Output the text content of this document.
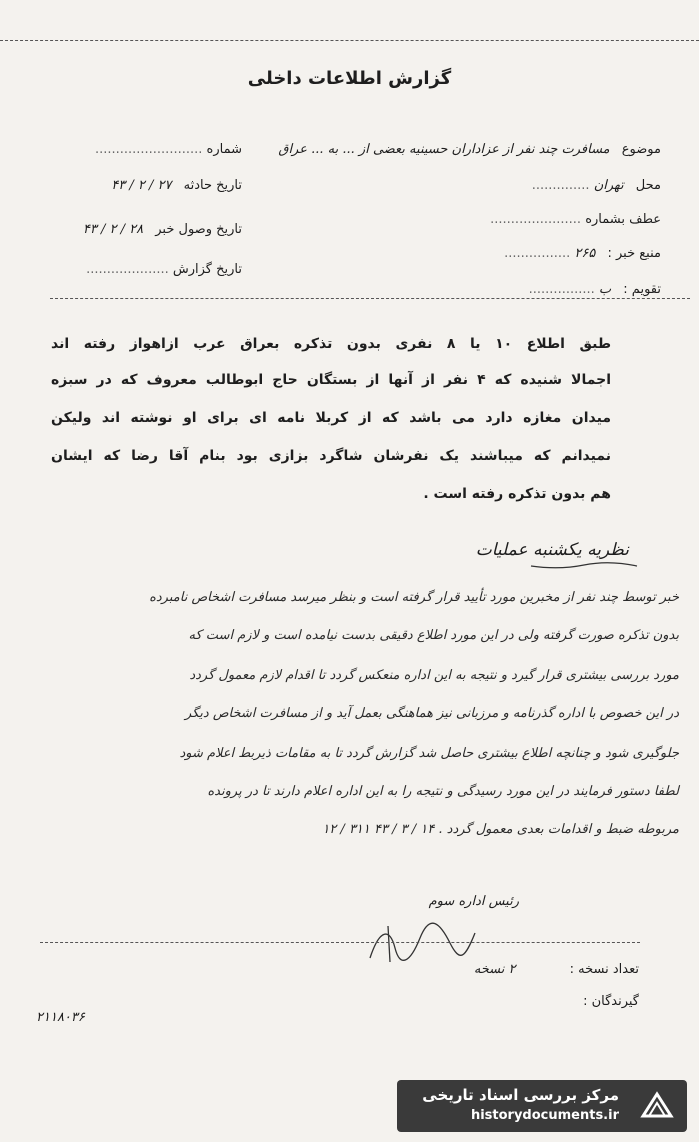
گزارش اطلاعات داخلی
موضوع مسافرت چند نفر از عزاداران حسینیه بعضی از ... به ... عراق
محل تهران ..............
عطف بشماره ......................
منبع خبر : ۲۶۵ ................
تقویم : ب ................
شماره ..........................
تاریخ حادثه ۲۷ / ۲ / ۴۳
تاریخ وصول خبر ۲۸ / ۲ / ۴۳
تاریخ گزارش ....................
طبق اطلاع ۱۰ یا ۸ نفری بدون تذکره بعراق عرب ازاهواز رفته اند
اجمالا شنیده که ۴ نفر از آنها از بستگان حاج ابوطالب معروف که در سبزه
میدان مغازه دارد می باشد که از کربلا نامه ای برای او نوشته اند ولیکن
نمیدانم که میباشند یک نفرشان شاگرد بزازی بود بنام آقا رضا که ایشان
هم بدون تذکره رفته است .
نظریه یکشنبه عملیات
خبر توسط چند نفر از مخبرین مورد تأیید قرار گرفته است و بنظر میرسد مسافرت اشخاص نامبرده
بدون تذکره صورت گرفته ولی در این مورد اطلاع دقیقی بدست نیامده است و لازم است که
مورد بررسی بیشتری قرار گیرد و نتیجه به این اداره منعکس گردد تا اقدام لازم معمول گردد
در این خصوص با اداره گذرنامه و مرزبانی نیز هماهنگی بعمل آید و از مسافرت اشخاص دیگر
جلوگیری شود و چنانچه اطلاع بیشتری حاصل شد گزارش گردد تا به مقامات ذیربط اعلام شود
لطفا دستور فرمایند در این مورد رسیدگی و نتیجه را به این اداره اعلام دارند تا در پرونده
مربوطه ضبط و اقدامات بعدی معمول گردد . ۱۴ / ۳ / ۴۳ ۳۱۱ / ۱۲
رئیس اداره سوم
تعداد نسخه : ۲ نسخه
گیرندگان :
۲۱۱۸۰۳۶
مرکز بررسی اسناد تاریخی
historydocuments.ir
